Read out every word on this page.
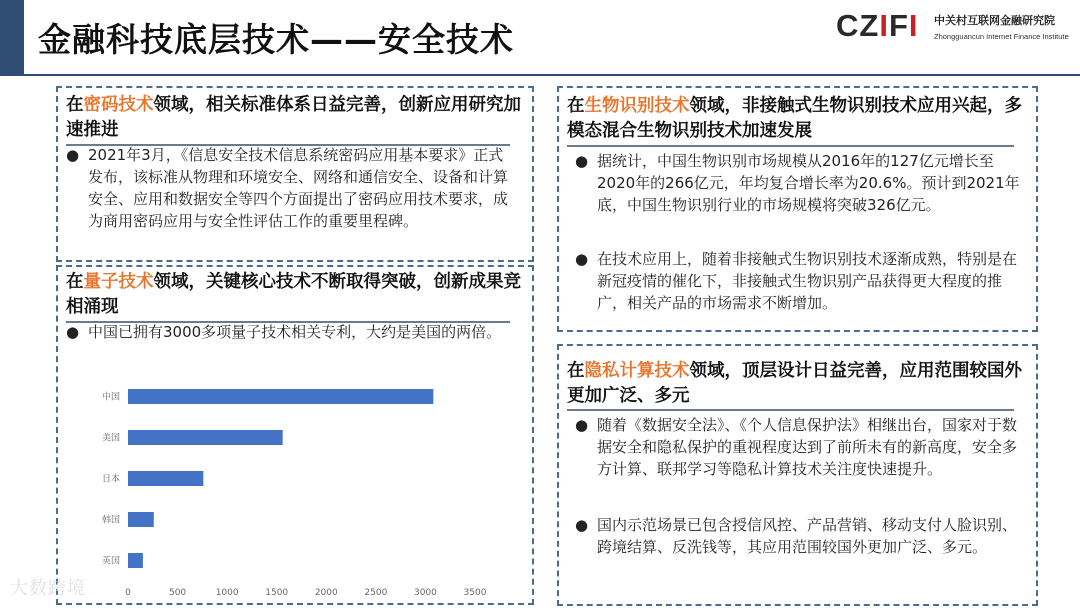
金融科技底层技术——安全技术	CZIFI 中关村互联网金融研究院
Zhongguancun Internet Finance Institute
在密码技术领域，相关标准体系日益完善，创新应用研究加速推进
● 2021年3月，《信息安全技术信息系统密码应用基本要求》正式发布，该标准从物理和环境安全、网络和通信安全、设备和计算安全、应用和数据安全等四个方面提出了密码应用技术要求，成为商用密码应用与安全性评估工作的重要里程碑。
在量子技术领域，关键核心技术不断取得突破，创新成果竞相涌现
● 中国已拥有3000多项量子技术相关专利，大约是美国的两倍。
在生物识别技术领域，非接触式生物识别技术应用兴起，多模态混合生物识别技术加速发展
● 据统计，中国生物识别市场规模从2016年的127亿元增长至2020年的266亿元，年均复合增长率为20.6%。预计到2021年底，中国生物识别行业的市场规模将突破326亿元。
● 在技术应用上，随着非接触式生物识别技术逐渐成熟，特别是在新冠疫情的催化下，非接触式生物识别产品获得更大程度的推广，相关产品的市场需求不断增加。
在隐私计算技术领域，顶层设计日益完善，应用范围较国外更加广泛、多元
● 随着《数据安全法》、《个人信息保护法》相继出台，国家对于数据安全和隐私保护的重视程度达到了前所未有的新高度，安全多方计算、联邦学习等隐私计算技术关注度快速提升。
● 国内示范场景已包含授信风控、产品营销、移动支付人脸识别、跨境结算、反洗钱等，其应用范围较国外更加广泛、多元。
中国
美国
日本
韩国
英国
0	500	1000	1500	2000	2500	3000	3500
大数跨境
